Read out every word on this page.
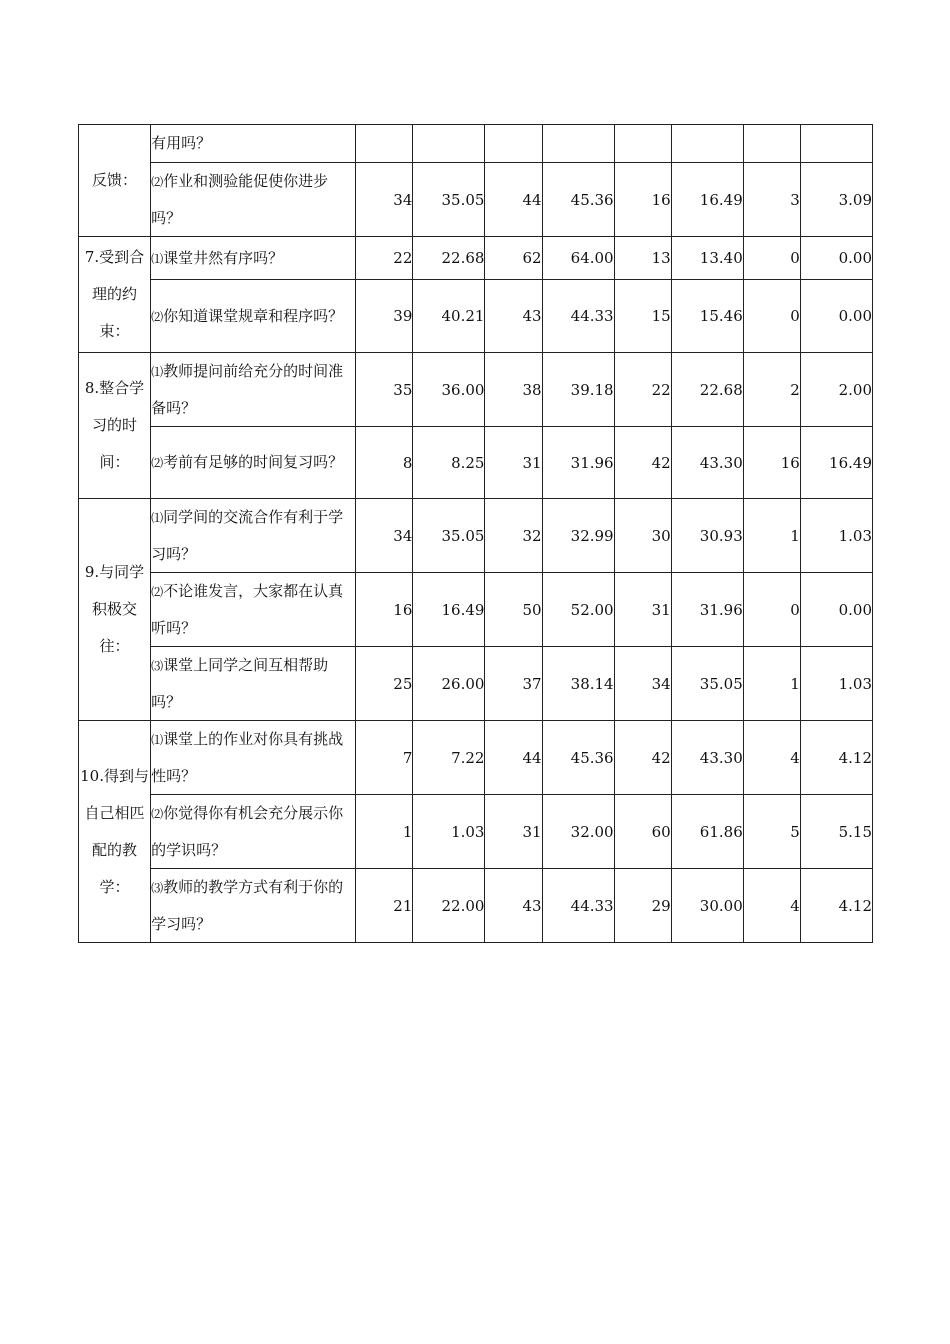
反馈：	有用吗？								
	⑵作业和测验能促使你进步吗？	34	35.05	44	45.36	16	16.49	3	3.09
7.受到合理的约束：	⑴课堂井然有序吗？	22	22.68	62	64.00	13	13.40	0	0.00
	⑵你知道课堂规章和程序吗？	39	40.21	43	44.33	15	15.46	0	0.00
8.整合学习的时间：	⑴教师提问前给充分的时间准备吗？	35	36.00	38	39.18	22	22.68	2	2.00
	⑵考前有足够的时间复习吗？	8	8.25	31	31.96	42	43.30	16	16.49
9.与同学积极交往：	⑴同学间的交流合作有利于学习吗？	34	35.05	32	32.99	30	30.93	1	1.03
	⑵不论谁发言，大家都在认真听吗？	16	16.49	50	52.00	31	31.96	0	0.00
	⑶课堂上同学之间互相帮助吗？	25	26.00	37	38.14	34	35.05	1	1.03
10.得到与自己相匹配的教学：	⑴课堂上的作业对你具有挑战性吗？	7	7.22	44	45.36	42	43.30	4	4.12
	⑵你觉得你有机会充分展示你的学识吗？	1	1.03	31	32.00	60	61.86	5	5.15
	⑶教师的教学方式有利于你的学习吗？	21	22.00	43	44.33	29	30.00	4	4.12
